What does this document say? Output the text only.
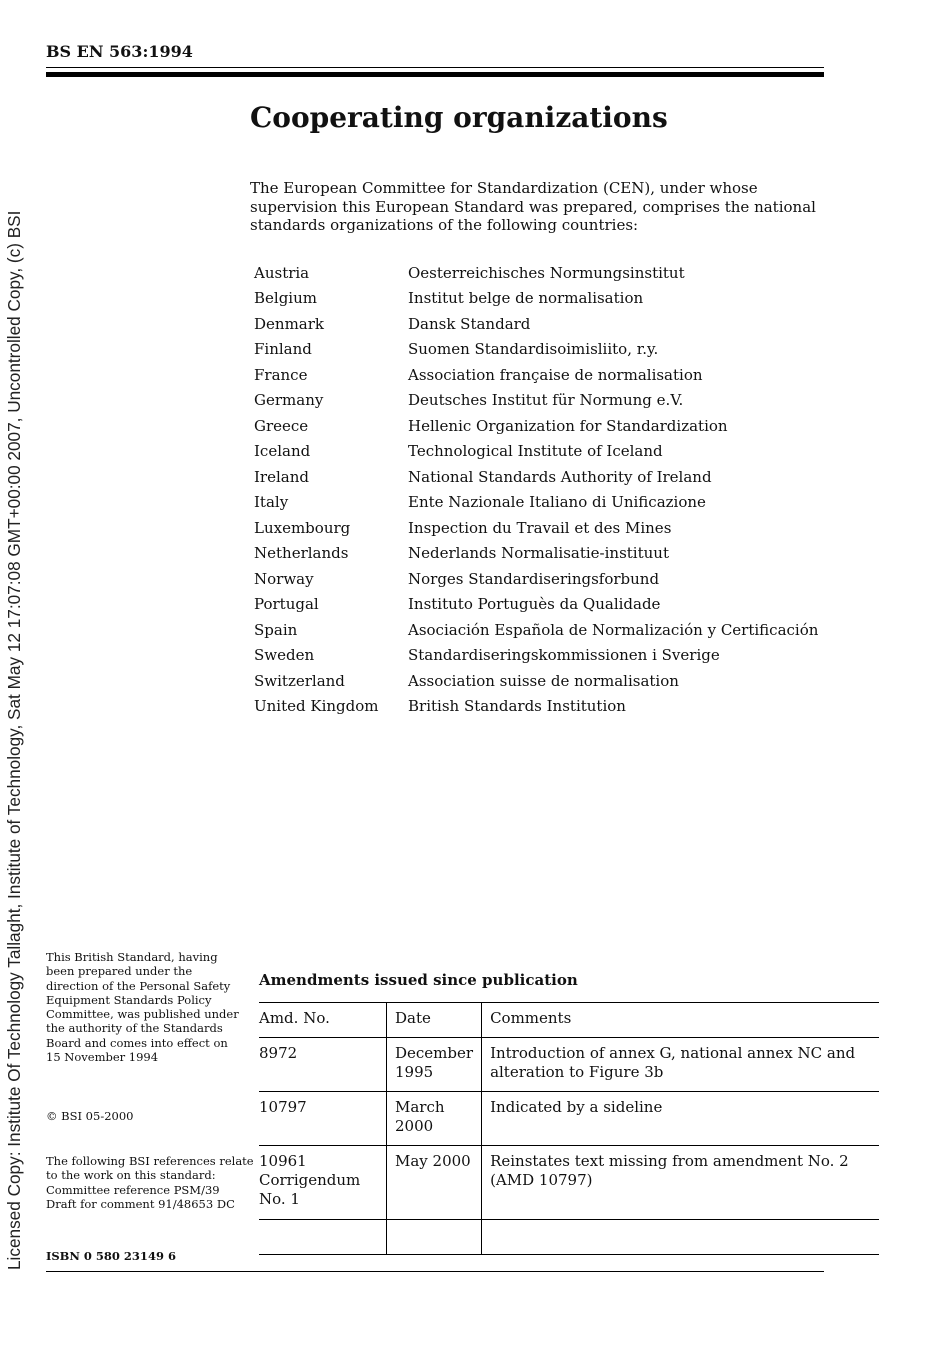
Licensed Copy: Institute Of Technology Tallaght, Institute of Technology, Sat May 12 17:07:08 GMT+00:00 2007, Uncontrolled Copy, (c) BSI
BS EN 563:1994
Cooperating organizations
The European Committee for Standardization (CEN), under whose supervision this European Standard was prepared, comprises the national standards organizations of the following countries:
Austria	Oesterreichisches Normungsinstitut
Belgium	Institut belge de normalisation
Denmark	Dansk Standard
Finland	Suomen Standardisoimisliito, r.y.
France	Association française de normalisation
Germany	Deutsches Institut für Normung e.V.
Greece	Hellenic Organization for Standardization
Iceland	Technological Institute of Iceland
Ireland	National Standards Authority of Ireland
Italy	Ente Nazionale Italiano di Unificazione
Luxembourg	Inspection du Travail et des Mines
Netherlands	Nederlands Normalisatie-instituut
Norway	Norges Standardiseringsforbund
Portugal	Instituto Portuguès da Qualidade
Spain	Asociación Española de Normalización y Certificación
Sweden	Standardiseringskommissionen i Sverige
Switzerland	Association suisse de normalisation
United Kingdom	British Standards Institution

This British Standard, having been prepared under the direction of the Personal Safety Equipment Standards Policy Committee, was published under the authority of the Standards Board and comes into effect on

15 November 1994

© BSI 05-2000
The following BSI references relate to the work on this standard:
Committee reference PSM/39
Draft for comment 91/48653 DC
ISBN 0 580 23149 6
Amendments issued since publication
Amd. No.	Date	Comments
8972	December 1995	Introduction of annex G, national annex NC and alteration to Figure 3b
10797	March 2000	Indicated by a sideline
10961 Corrigendum No. 1	May 2000	Reinstates text missing from amendment No. 2 (AMD 10797)
